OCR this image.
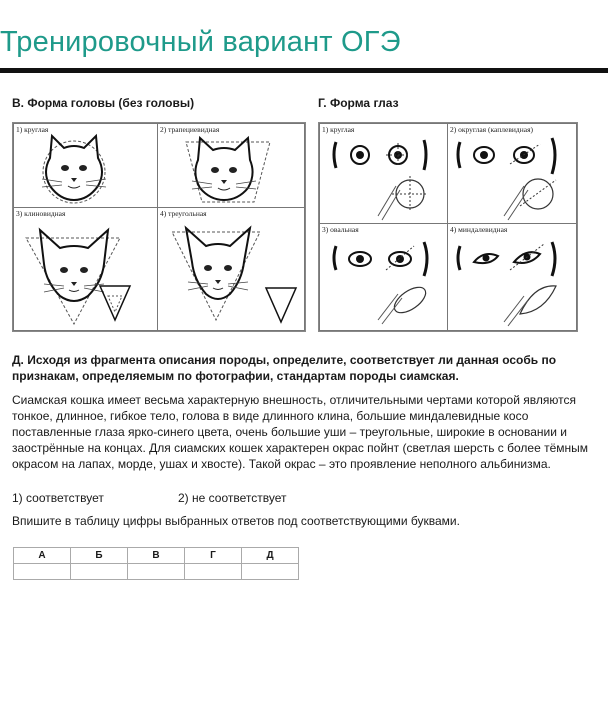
Тренировочный вариант ОГЭ
В. Форма головы (без головы)	Г. Форма глаз
1) круглая	2) трапециевидная
3) клиновидная	4) треугольная
1) круглая	2) округлая (каплевидная)
3) овальная	4) миндалевидная
Д. Исходя из фрагмента описания породы, определите, соответствует ли данная особь по признакам, определяемым по фотографии, стандартам породы сиамская.
Сиамская кошка имеет весьма характерную внешность, отличительными чертами которой являются тонкое, длинное, гибкое тело, голова в виде длинного клина, большие миндалевидные косо поставленные глаза ярко-синего цвета, очень большие уши – треугольные, широкие в основании и заострённые на концах. Для сиамских кошек характерен окрас пойнт (светлая шерсть с более тёмным окрасом на лапах, морде, ушах и хвосте). Такой окрас – это проявление неполного альбинизма.
1) соответствует	2) не соответствует
Впишите в таблицу цифры выбранных ответов под соответствующими буквами.
А	Б	В	Г	Д
